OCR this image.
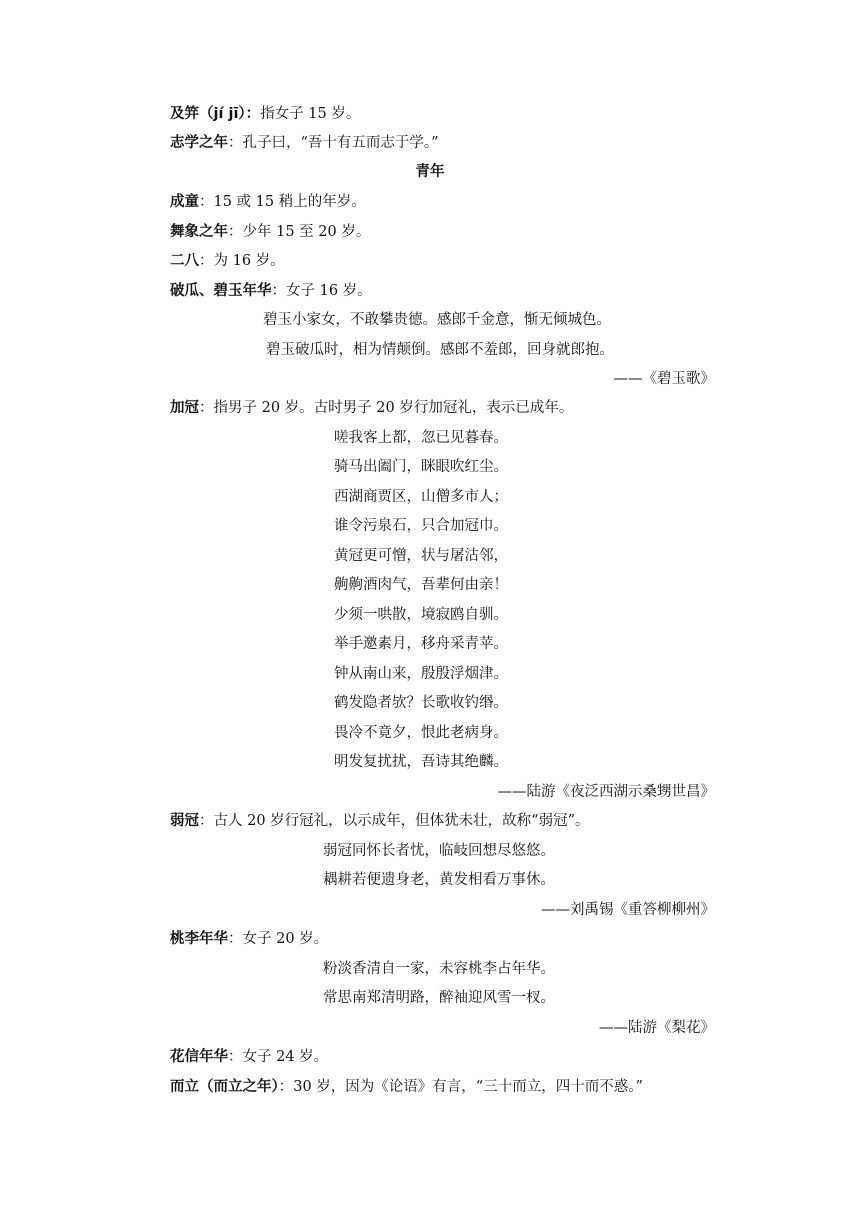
及笄（jí jī）：指女子 15 岁。
志学之年：孔子曰，“吾十有五而志于学。”
青年
成童：15 或 15 稍上的年岁。
舞象之年：少年 15 至 20 岁。
二八：为 16 岁。
破瓜、碧玉年华：女子 16 岁。
碧玉小家女，不敢攀贵德。感郎千金意，惭无倾城色。
碧玉破瓜时，相为情颠倒。感郎不羞郎，回身就郎抱。
——《碧玉歌》
加冠：指男子 20 岁。古时男子 20 岁行加冠礼，表示已成年。
嗟我客上都，忽已见暮春。
骑马出阖门，眯眼吹红尘。
西湖商贾区，山僧多市人；
谁令污泉石，只合加冠巾。
黄冠更可憎，状与屠沽邻，
齁齁酒肉气，吾辈何由亲！
少须一哄散，境寂鸥自驯。
举手邀素月，移舟采青苹。
钟从南山来，殷殷浮烟津。
鹤发隐者欤？长歌收钓缗。
畏冷不竟夕，恨此老病身。
明发复扰扰，吾诗其绝麟。
——陆游《夜泛西湖示桑甥世昌》
弱冠：古人 20 岁行冠礼，以示成年，但体犹未壮，故称“弱冠”。
弱冠同怀长者忧，临岐回想尽悠悠。
耦耕若便遗身老，黄发相看万事休。
——刘禹锡《重答柳柳州》
桃李年华：女子 20 岁。
粉淡香清自一家，未容桃李占年华。
常思南郑清明路，醉袖迎风雪一杈。
——陆游《梨花》
花信年华：女子 24 岁。
而立（而立之年）：30 岁，因为《论语》有言，“三十而立，四十而不惑。”
